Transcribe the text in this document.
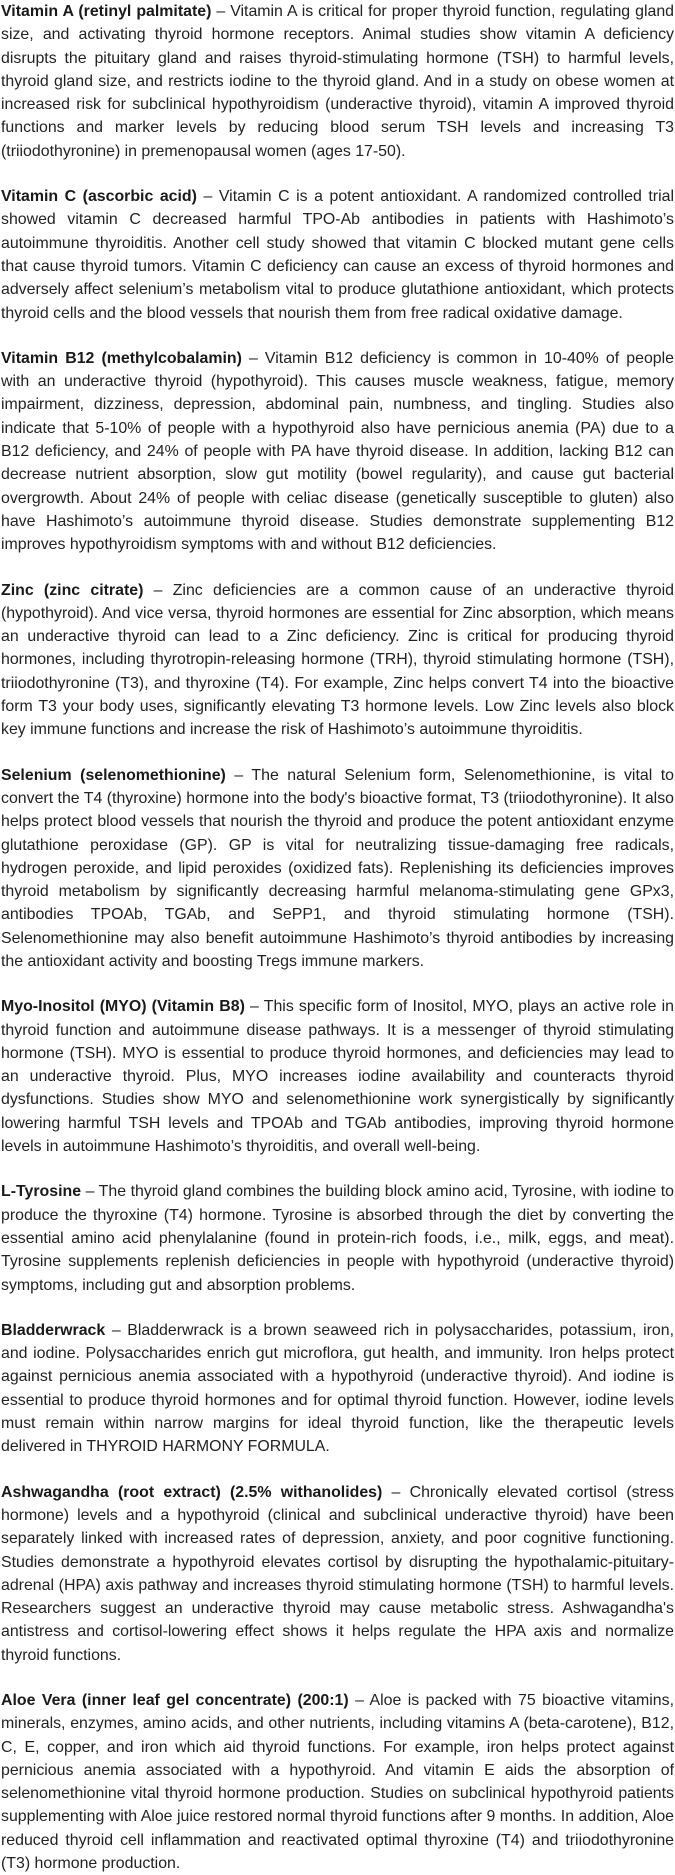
Vitamin A (retinyl palmitate) – Vitamin A is critical for proper thyroid function, regulating gland size, and activating thyroid hormone receptors. Animal studies show vitamin A deficiency disrupts the pituitary gland and raises thyroid-stimulating hormone (TSH) to harmful levels, thyroid gland size, and restricts iodine to the thyroid gland. And in a study on obese women at increased risk for subclinical hypothyroidism (underactive thyroid), vitamin A improved thyroid functions and marker levels by reducing blood serum TSH levels and increasing T3 (triiodothyronine) in premenopausal women (ages 17-50).

Vitamin C (ascorbic acid) – Vitamin C is a potent antioxidant. A randomized controlled trial showed vitamin C decreased harmful TPO-Ab antibodies in patients with Hashimoto’s autoimmune thyroiditis. Another cell study showed that vitamin C blocked mutant gene cells that cause thyroid tumors. Vitamin C deficiency can cause an excess of thyroid hormones and adversely affect selenium’s metabolism vital to produce glutathione antioxidant, which protects thyroid cells and the blood vessels that nourish them from free radical oxidative damage.

Vitamin B12 (methylcobalamin) – Vitamin B12 deficiency is common in 10-40% of people with an underactive thyroid (hypothyroid). This causes muscle weakness, fatigue, memory impairment, dizziness, depression, abdominal pain, numbness, and tingling. Studies also indicate that 5-10% of people with a hypothyroid also have pernicious anemia (PA) due to a B12 deficiency, and 24% of people with PA have thyroid disease. In addition, lacking B12 can decrease nutrient absorption, slow gut motility (bowel regularity), and cause gut bacterial overgrowth. About 24% of people with celiac disease (genetically susceptible to gluten) also have Hashimoto’s autoimmune thyroid disease. Studies demonstrate supplementing B12 improves hypothyroidism symptoms with and without B12 deficiencies.

Zinc (zinc citrate) – Zinc deficiencies are a common cause of an underactive thyroid (hypothyroid). And vice versa, thyroid hormones are essential for Zinc absorption, which means an underactive thyroid can lead to a Zinc deficiency. Zinc is critical for producing thyroid hormones, including thyrotropin-releasing hormone (TRH), thyroid stimulating hormone (TSH), triiodothyronine (T3), and thyroxine (T4). For example, Zinc helps convert T4 into the bioactive form T3 your body uses, significantly elevating T3 hormone levels. Low Zinc levels also block key immune functions and increase the risk of Hashimoto’s autoimmune thyroiditis.

Selenium (selenomethionine) – The natural Selenium form, Selenomethionine, is vital to convert the T4 (thyroxine) hormone into the body's bioactive format, T3 (triiodothyronine). It also helps protect blood vessels that nourish the thyroid and produce the potent antioxidant enzyme glutathione peroxidase (GP). GP is vital for neutralizing tissue-damaging free radicals, hydrogen peroxide, and lipid peroxides (oxidized fats). Replenishing its deficiencies improves thyroid metabolism by significantly decreasing harmful melanoma-stimulating gene GPx3, antibodies TPOAb, TGAb, and SePP1, and thyroid stimulating hormone (TSH). Selenomethionine may also benefit autoimmune Hashimoto’s thyroid antibodies by increasing the antioxidant activity and boosting Tregs immune markers.

Myo-Inositol (MYO) (Vitamin B8) – This specific form of Inositol, MYO, plays an active role in thyroid function and autoimmune disease pathways. It is a messenger of thyroid stimulating hormone (TSH). MYO is essential to produce thyroid hormones, and deficiencies may lead to an underactive thyroid. Plus, MYO increases iodine availability and counteracts thyroid dysfunctions. Studies show MYO and selenomethionine work synergistically by significantly lowering harmful TSH levels and TPOAb and TGAb antibodies, improving thyroid hormone levels in autoimmune Hashimoto’s thyroiditis, and overall well-being.

L-Tyrosine – The thyroid gland combines the building block amino acid, Tyrosine, with iodine to produce the thyroxine (T4) hormone. Tyrosine is absorbed through the diet by converting the essential amino acid phenylalanine (found in protein-rich foods, i.e., milk, eggs, and meat). Tyrosine supplements replenish deficiencies in people with hypothyroid (underactive thyroid) symptoms, including gut and absorption problems.

Bladderwrack – Bladderwrack is a brown seaweed rich in polysaccharides, potassium, iron, and iodine. Polysaccharides enrich gut microflora, gut health, and immunity. Iron helps protect against pernicious anemia associated with a hypothyroid (underactive thyroid). And iodine is essential to produce thyroid hormones and for optimal thyroid function. However, iodine levels must remain within narrow margins for ideal thyroid function, like the therapeutic levels delivered in THYROID HARMONY FORMULA.

Ashwagandha (root extract) (2.5% withanolides) – Chronically elevated cortisol (stress hormone) levels and a hypothyroid (clinical and subclinical underactive thyroid) have been separately linked with increased rates of depression, anxiety, and poor cognitive functioning. Studies demonstrate a hypothyroid elevates cortisol by disrupting the hypothalamic-pituitary-adrenal (HPA) axis pathway and increases thyroid stimulating hormone (TSH) to harmful levels. Researchers suggest an underactive thyroid may cause metabolic stress. Ashwagandha's antistress and cortisol-lowering effect shows it helps regulate the HPA axis and normalize thyroid functions.

Aloe Vera (inner leaf gel concentrate) (200:1) – Aloe is packed with 75 bioactive vitamins, minerals, enzymes, amino acids, and other nutrients, including vitamins A (beta-carotene), B12, C, E, copper, and iron which aid thyroid functions. For example, iron helps protect against pernicious anemia associated with a hypothyroid. And vitamin E aids the absorption of selenomethionine vital thyroid hormone production. Studies on subclinical hypothyroid patients supplementing with Aloe juice restored normal thyroid functions after 9 months. In addition, Aloe reduced thyroid cell inflammation and reactivated optimal thyroxine (T4) and triiodothyronine (T3) hormone production.
